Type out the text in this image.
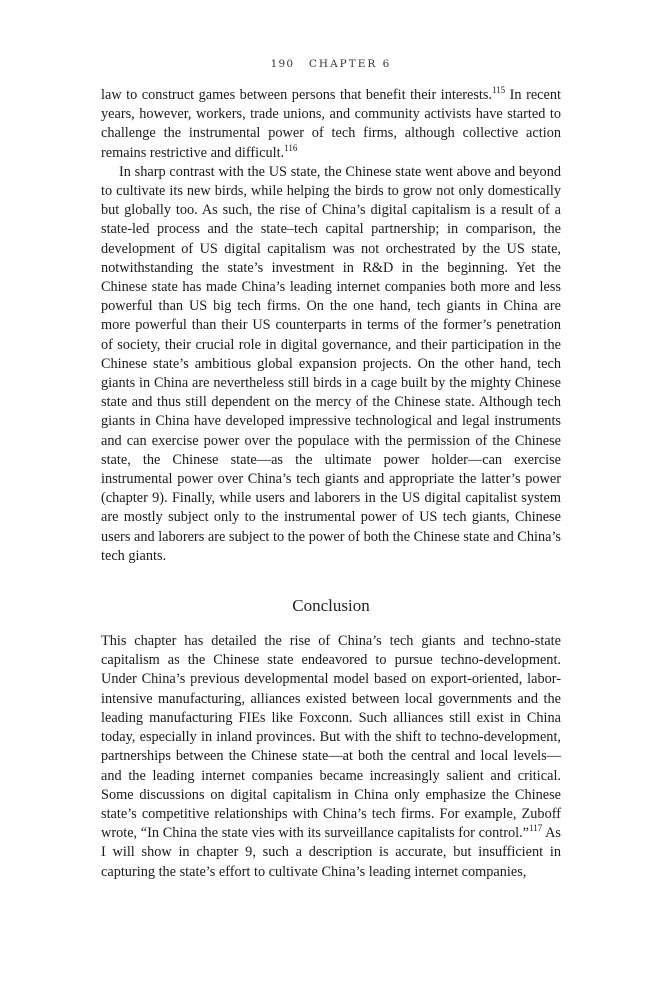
190 CHAPTER 6

law to construct games between persons that benefit their interests.$^{115}$ In recent years, however, workers, trade unions, and community activists have started to challenge the instrumental power of tech firms, although collective action remains restrictive and difficult.$^{116}$

In sharp contrast with the US state, the Chinese state went above and beyond to cultivate its new birds, while helping the birds to grow not only domestically but globally too. As such, the rise of China’s digital capitalism is a result of a state-led process and the state–tech capital partnership; in comparison, the development of US digital capitalism was not orchestrated by the US state, notwithstanding the state’s investment in R&D in the beginning. Yet the Chinese state has made China’s leading internet companies both more and less powerful than US big tech firms. On the one hand, tech giants in China are more powerful than their US counterparts in terms of the former’s penetration of society, their crucial role in digital governance, and their participation in the Chinese state’s ambitious global expansion projects. On the other hand, tech giants in China are nevertheless still birds in a cage built by the mighty Chinese state and thus still dependent on the mercy of the Chinese state. Although tech giants in China have developed impressive technological and legal instruments and can exercise power over the populace with the permission of the Chinese state, the Chinese state—as the ultimate power holder—can exercise instrumental power over China’s tech giants and appropriate the latter’s power (chapter 9). Finally, while users and laborers in the US digital capitalist system are mostly subject only to the instrumental power of US tech giants, Chinese users and laborers are subject to the power of both the Chinese state and China’s tech giants.

Conclusion

This chapter has detailed the rise of China’s tech giants and techno-state capitalism as the Chinese state endeavored to pursue techno-development. Under China’s previous developmental model based on export-oriented, labor-intensive manufacturing, alliances existed between local governments and the leading manufacturing FIEs like Foxconn. Such alliances still exist in China today, especially in inland provinces. But with the shift to techno-development, partnerships between the Chinese state—at both the central and local levels—and the leading internet companies became increasingly salient and critical. Some discussions on digital capitalism in China only emphasize the Chinese state’s competitive relationships with China’s tech firms. For example, Zuboff wrote, “In China the state vies with its surveillance capitalists for control.”$^{117}$ As I will show in chapter 9, such a description is accurate, but insufficient in capturing the state’s effort to cultivate China’s leading internet companies,
